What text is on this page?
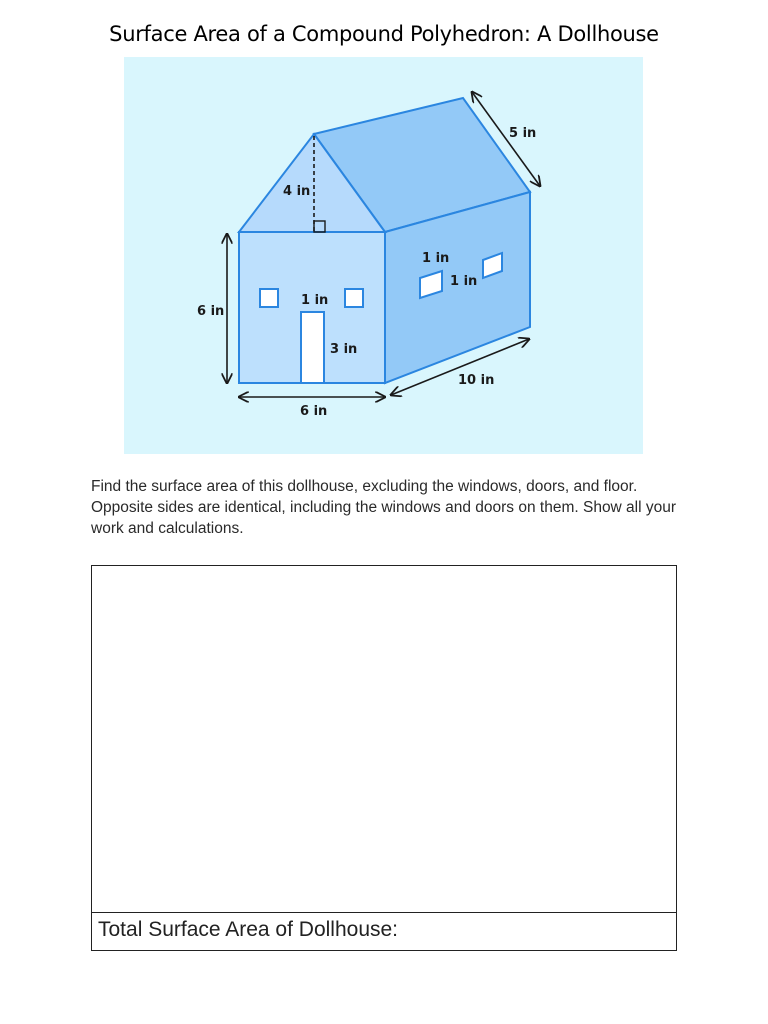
Surface Area of a Compound Polyhedron: A Dollhouse
5 in
4 in
1 in
3 in
6 in
6 in
10 in
1 in
1 in
Find the surface area of this dollhouse, excluding the windows, doors, and floor. Opposite sides are identical, including the windows and doors on them. Show all your work and calculations.
Total Surface Area of Dollhouse:
